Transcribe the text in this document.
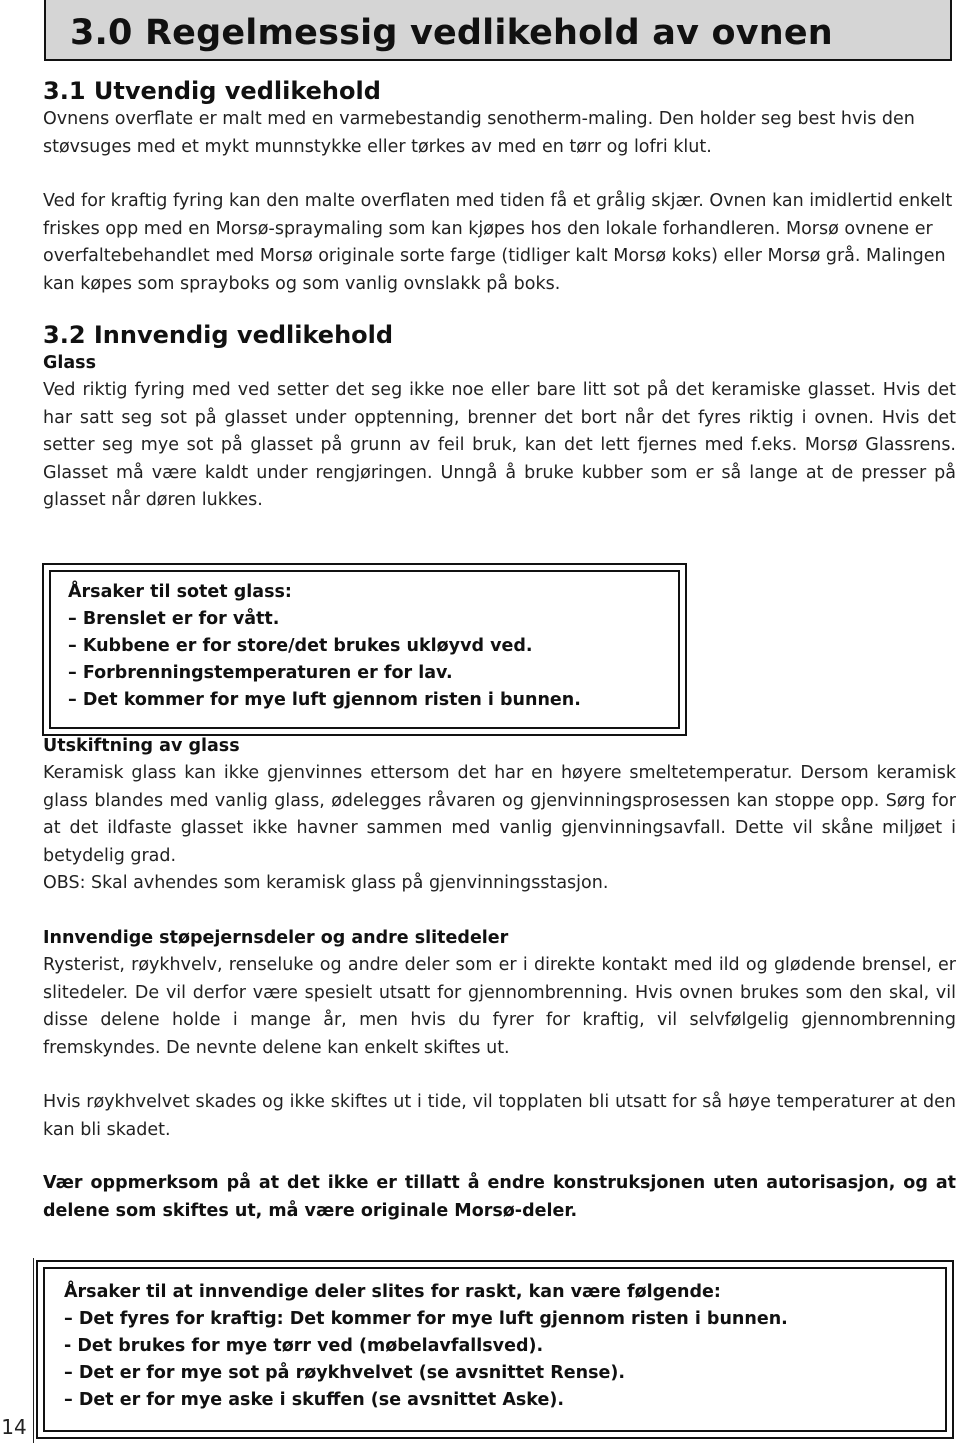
3.0 Regelmessig vedlikehold av ovnen
3.1 Utvendig vedlikehold

Ovnens overflate er malt med en varmebestandig senotherm-maling. Den holder seg best hvis den støvsuges med et mykt munnstykke eller tørkes av med en tørr og lofri klut.

Ved for kraftig fyring kan den malte overflaten med tiden få et grålig skjær. Ovnen kan imidlertid enkelt friskes opp med en Morsø-spraymaling som kan kjøpes hos den lokale forhandleren. Morsø ovnene er overfaltebehandlet med Morsø originale sorte farge (tidliger kalt Morsø koks) eller Morsø grå. Malingen kan køpes som sprayboks og som vanlig ovnslakk på boks.

3.2 Innvendig vedlikehold
Glass

Ved riktig fyring med ved setter det seg ikke noe eller bare litt sot på det keramiske glasset. Hvis det har satt seg sot på glasset under opptenning, brenner det bort når det fyres riktig i ovnen. Hvis det setter seg mye sot på glasset på grunn av feil bruk, kan det lett fjernes med f.eks. Morsø Glassrens. Glasset må være kaldt under rengjøringen. Unngå å bruke kubber som er så lange at de presser på glasset når døren lukkes.

Årsaker til sotet glass:
– Brenslet er for vått.
– Kubbene er for store/det brukes ukløyvd ved.
– Forbrenningstemperaturen er for lav.
– Det kommer for mye luft gjennom risten i bunnen.
Utskiftning av glass

Keramisk glass kan ikke gjenvinnes ettersom det har en høyere smeltetemperatur. Dersom keramisk glass blandes med vanlig glass, ødelegges råvaren og gjenvinningsprosessen kan stoppe opp. Sørg for at det ildfaste glasset ikke havner sammen med vanlig gjenvinningsavfall. Dette vil skåne miljøet i betydelig grad.

OBS: Skal avhendes som keramisk glass på gjenvinningsstasjon.

Innvendige støpejernsdeler og andre slitedeler

Rysterist, røykhvelv, renseluke og andre deler som er i direkte kontakt med ild og glødende brensel, er slitedeler. De vil derfor være spesielt utsatt for gjennombrenning. Hvis ovnen brukes som den skal, vil disse delene holde i mange år, men hvis du fyrer for kraftig, vil selvfølgelig gjennombrenning fremskyndes. De nevnte delene kan enkelt skiftes ut.

Hvis røykhvelvet skades og ikke skiftes ut i tide, vil topplaten bli utsatt for så høye temperaturer at den kan bli skadet.

Vær oppmerksom på at det ikke er tillatt å endre konstruksjonen uten autorisasjon, og at delene som skiftes ut, må være originale Morsø-deler.

Årsaker til at innvendige deler slites for raskt, kan være følgende:
– Det fyres for kraftig: Det kommer for mye luft gjennom risten i bunnen.
- Det brukes for mye tørr ved (møbelavfallsved).
– Det er for mye sot på røykhvelvet (se avsnittet Rense).
– Det er for mye aske i skuffen (se avsnittet Aske).
14
